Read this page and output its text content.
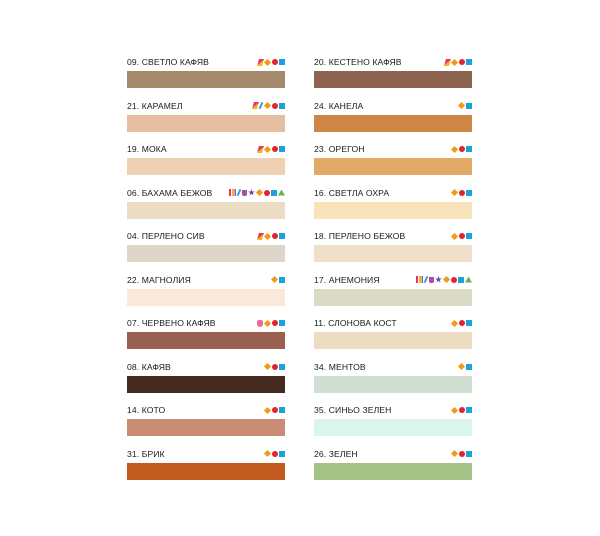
09. СВЕТЛО КАФЯВ
21. КАРАМЕЛ
19. МОКА
06. БАХАМА БЕЖОВ
04. ПЕРЛЕНО СИВ
22. МАГНОЛИЯ
07. ЧЕРВЕНО КАФЯВ
08. КАФЯВ
14. КОТО
31. БРИК
20. КЕСТЕНО КАФЯВ
24. КАНЕЛА
23. ОРЕГОН
16. СВЕТЛА ОХРА
18. ПЕРЛЕНО БЕЖОВ
17. АНЕМОНИЯ
11. СЛОНОВА КОСТ
34. МЕНТОВ
35. СИНЬО ЗЕЛЕН
26. ЗЕЛЕН
